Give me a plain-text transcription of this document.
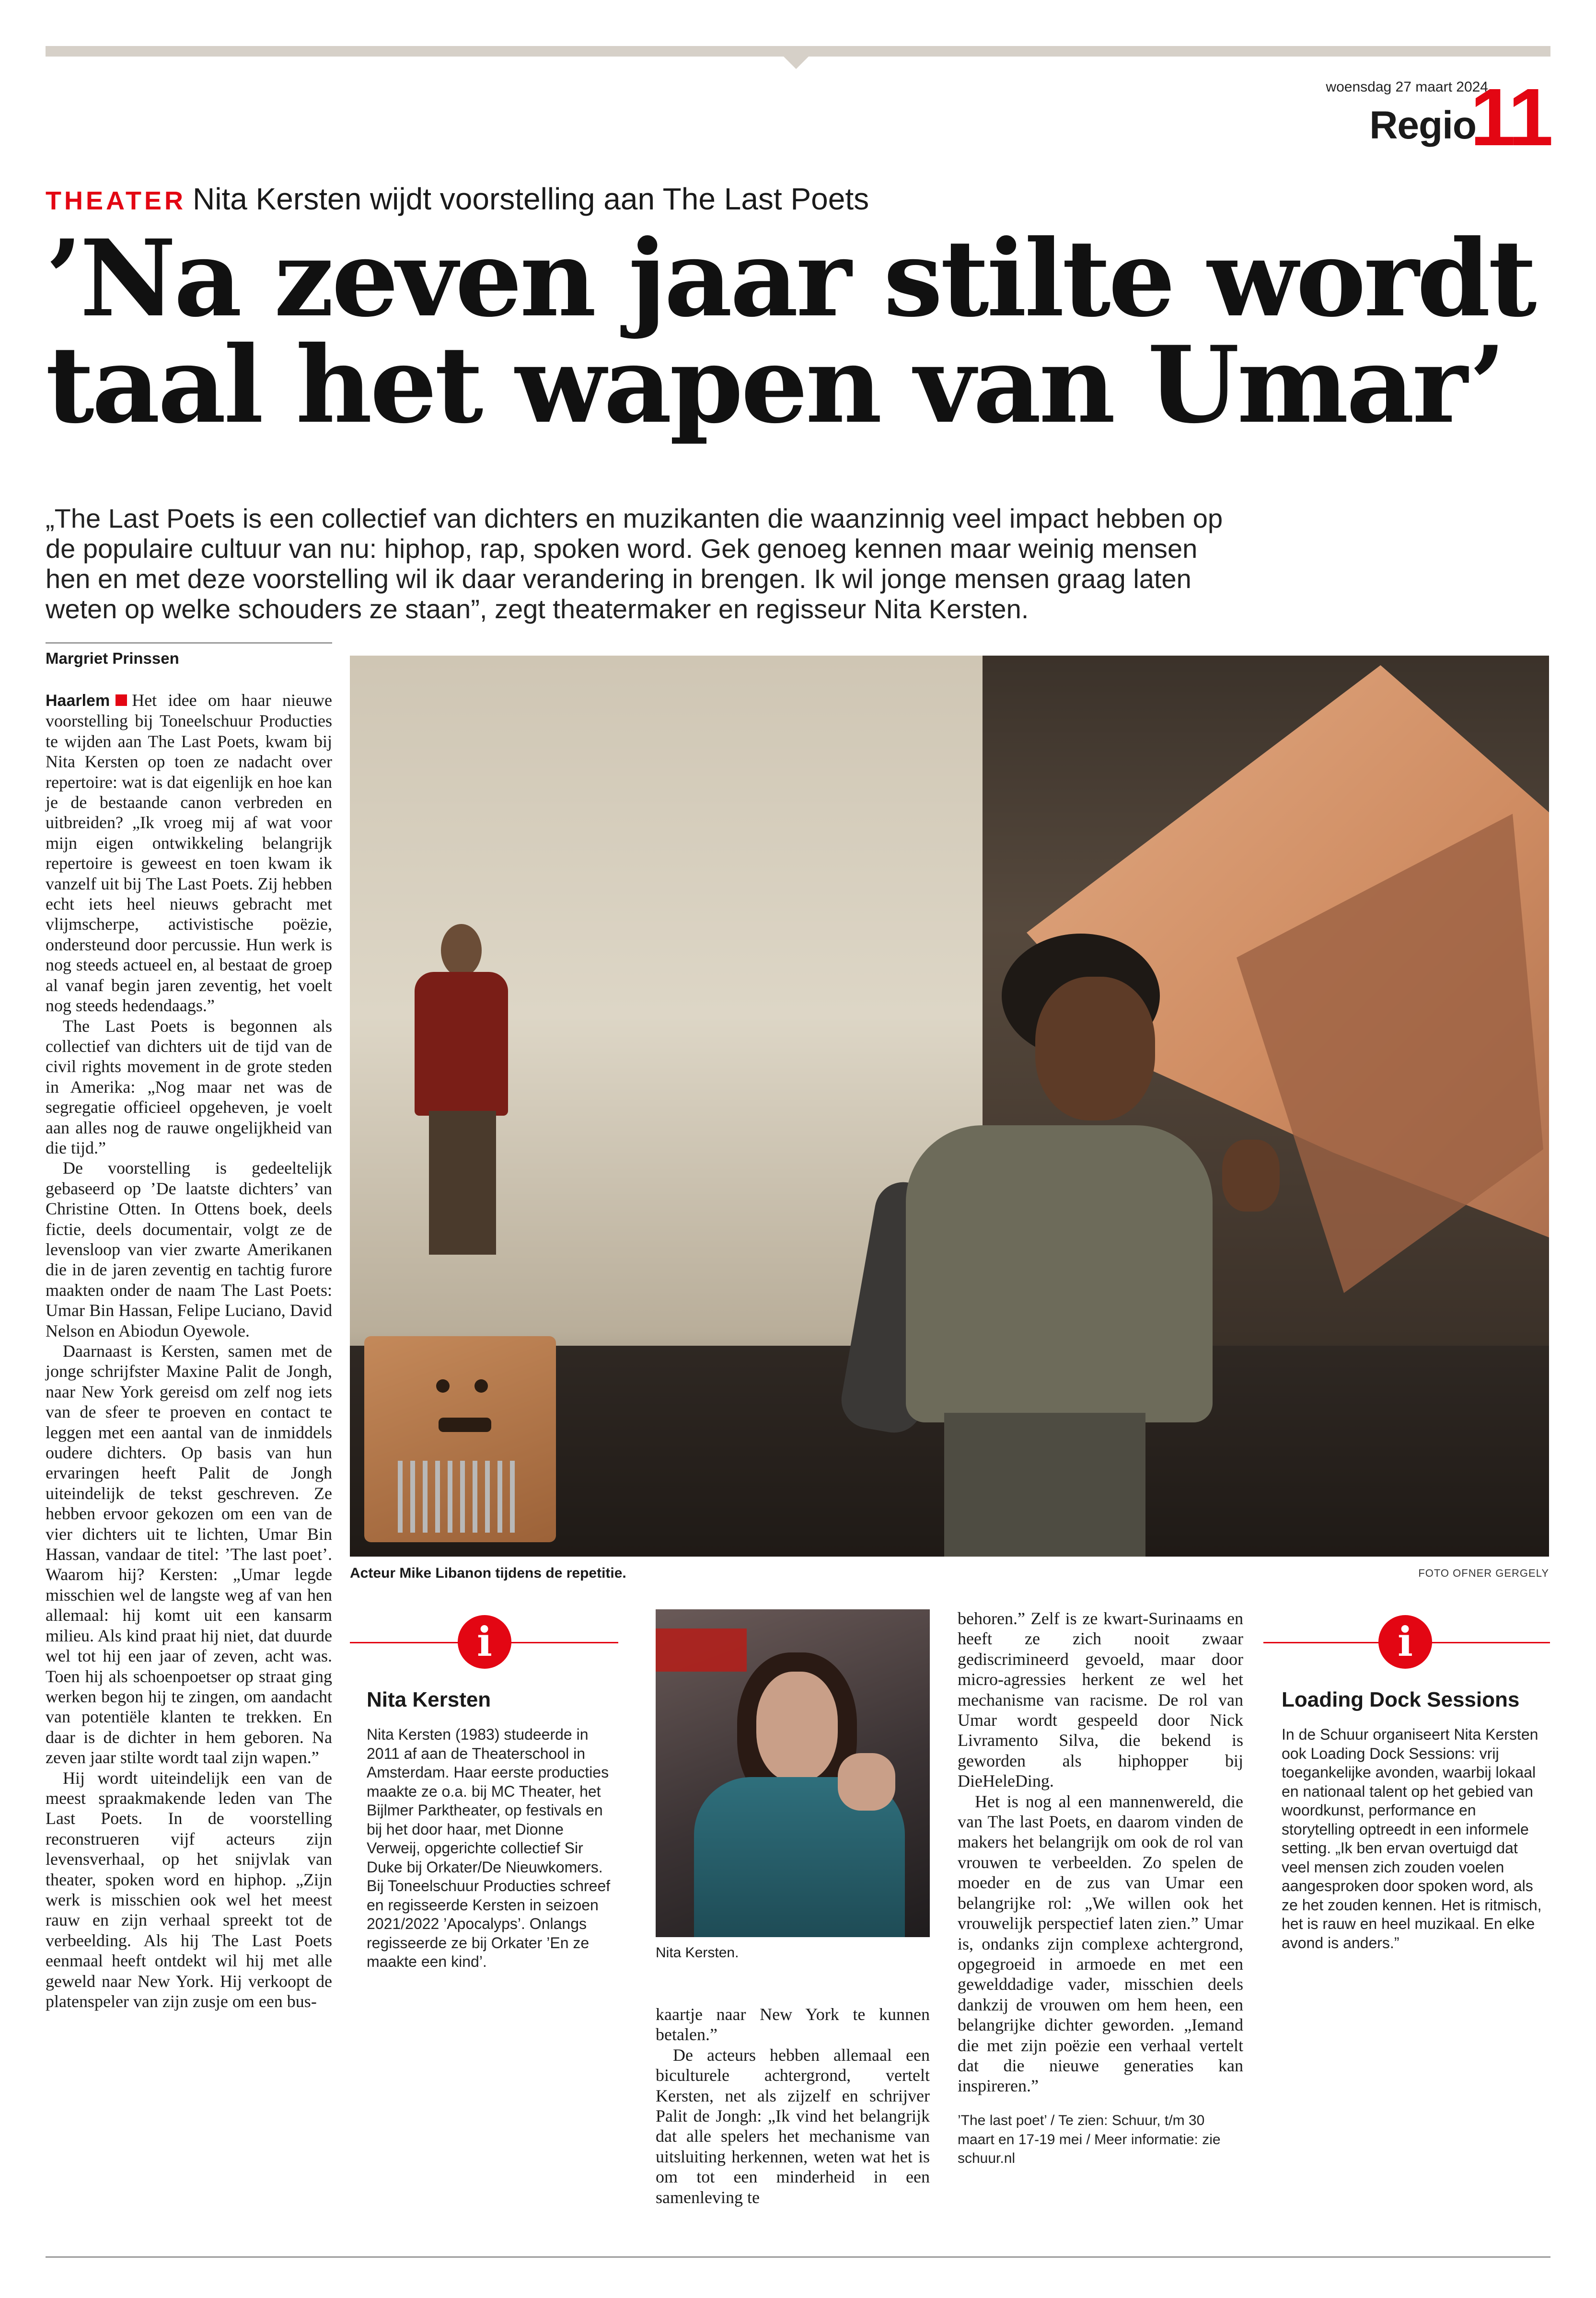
woensdag 27 maart 2024
Regio
11
THEATER Nita Kersten wijdt voorstelling aan The Last Poets
’Na zeven jaar stilte wordt
taal het wapen van Umar’
„The Last Poets is een collectief van dichters en muzikanten die waanzinnig veel impact hebben op de populaire cultuur van nu: hiphop, rap, spoken word. Gek genoeg kennen maar weinig mensen hen en met deze voorstelling wil ik daar verandering in brengen. Ik wil jonge mensen graag laten weten op welke schouders ze staan”, zegt theatermaker en regisseur Nita Kersten.
Margriet Prinssen

Haarlem Het idee om haar nieuwe voorstelling bij Toneelschuur Producties te wijden aan The Last Poets, kwam bij Nita Kersten op toen ze nadacht over repertoire: wat is dat eigenlijk en hoe kan je de bestaande canon verbreden en uitbreiden? „Ik vroeg mij af wat voor mijn eigen ontwikkeling belangrijk repertoire is geweest en toen kwam ik vanzelf uit bij The Last Poets. Zij hebben echt iets heel nieuws gebracht met vlijmscherpe, activistische poëzie, ondersteund door percussie. Hun werk is nog steeds actueel en, al bestaat de groep al vanaf begin jaren zeventig, het voelt nog steeds hedendaags.”

The Last Poets is begonnen als collectief van dichters uit de tijd van de civil rights movement in de grote steden in Amerika: „Nog maar net was de segregatie officieel opgeheven, je voelt aan alles nog de rauwe ongelijkheid van die tijd.”

De voorstelling is gedeeltelijk gebaseerd op ’De laatste dichters’ van Christine Otten. In Ottens boek, deels fictie, deels documentair, volgt ze de levensloop van vier zwarte Amerikanen die in de jaren zeventig en tachtig furore maakten onder de naam The Last Poets: Umar Bin Hassan, Felipe Luciano, David Nelson en Abiodun Oyewole.

Daarnaast is Kersten, samen met de jonge schrijfster Maxine Palit de Jongh, naar New York gereisd om zelf nog iets van de sfeer te proeven en contact te leggen met een aantal van de inmiddels oudere dichters. Op basis van hun ervaringen heeft Palit de Jongh uiteindelijk de tekst geschreven. Ze hebben ervoor gekozen om een van de vier dichters uit te lichten, Umar Bin Hassan, vandaar de titel: ’The last poet’. Waarom hij? Kersten: „Umar legde misschien wel de langste weg af van hen allemaal: hij komt uit een kansarm milieu. Als kind praat hij niet, dat duurde wel tot hij een jaar of zeven, acht was. Toen hij als schoenpoetser op straat ging werken begon hij te zingen, om aandacht van potentiële klanten te trekken. En daar is de dichter in hem geboren. Na zeven jaar stilte wordt taal zijn wapen.”

Hij wordt uiteindelijk een van de meest spraakmakende leden van The Last Poets. In de voorstelling reconstrueren vijf acteurs zijn levensverhaal, op het snijvlak van theater, spoken word en hiphop. „Zijn werk is misschien ook wel het meest rauw en zijn verhaal spreekt tot de verbeelding. Als hij The Last Poets eenmaal heeft ontdekt wil hij met alle geweld naar New York. Hij verkoopt de platenspeler van zijn zusje om een bus-

Acteur Mike Libanon tijdens de repetitie.	FOTO OFNER GERGELY
i
Nita Kersten
Nita Kersten (1983) studeerde in 2011 af aan de Theaterschool in Amsterdam. Haar eerste producties maakte ze o.a. bij MC Theater, het Bijlmer Parktheater, op festivals en bij het door haar, met Dionne Verweij, opgerichte collectief Sir Duke bij Orkater/De Nieuwkomers. Bij Toneelschuur Producties schreef en regisseerde Kersten in seizoen 2021/2022 ’Apocalyps’. Onlangs regisseerde ze bij Orkater ’En ze maakte een kind’.
Nita Kersten.

kaartje naar New York te kunnen betalen.”

De acteurs hebben allemaal een biculturele achtergrond, vertelt Kersten, net als zijzelf en schrijver Palit de Jongh: „Ik vind het belangrijk dat alle spelers het mechanisme van uitsluiting herkennen, weten wat het is om tot een minderheid in een samenleving te

behoren.” Zelf is ze kwart-Surinaams en heeft ze zich nooit zwaar gediscrimineerd gevoeld, maar door micro-agressies herkent ze wel het mechanisme van racisme. De rol van Umar wordt gespeeld door Nick Livramento Silva, die bekend is geworden als hiphopper bij DieHeleDing.

Het is nog al een mannenwereld, die van The last Poets, en daarom vinden de makers het belangrijk om ook de rol van vrouwen te verbeelden. Zo spelen de moeder en de zus van Umar een belangrijke rol: „We willen ook het vrouwelijk perspectief laten zien.” Umar is, ondanks zijn complexe achtergrond, opgegroeid in armoede en met een gewelddadige vader, misschien deels dankzij de vrouwen om hem heen, een belangrijke dichter geworden. „Iemand die met zijn poëzie een verhaal vertelt dat die nieuwe generaties kan inspireren.”

’The last poet’ / Te zien: Schuur, t/m 30 maart en 17-19 mei / Meer informatie: zie schuur.nl
i
Loading Dock Sessions
In de Schuur organiseert Nita Kersten ook Loading Dock Sessions: vrij toegankelijke avonden, waarbij lokaal en nationaal talent op het gebied van woordkunst, performance en storytelling optreedt in een informele setting. „Ik ben ervan overtuigd dat veel mensen zich zouden voelen aangesproken door spoken word, als ze het zouden kennen. Het is ritmisch, het is rauw en heel muzikaal. En elke avond is anders.”
